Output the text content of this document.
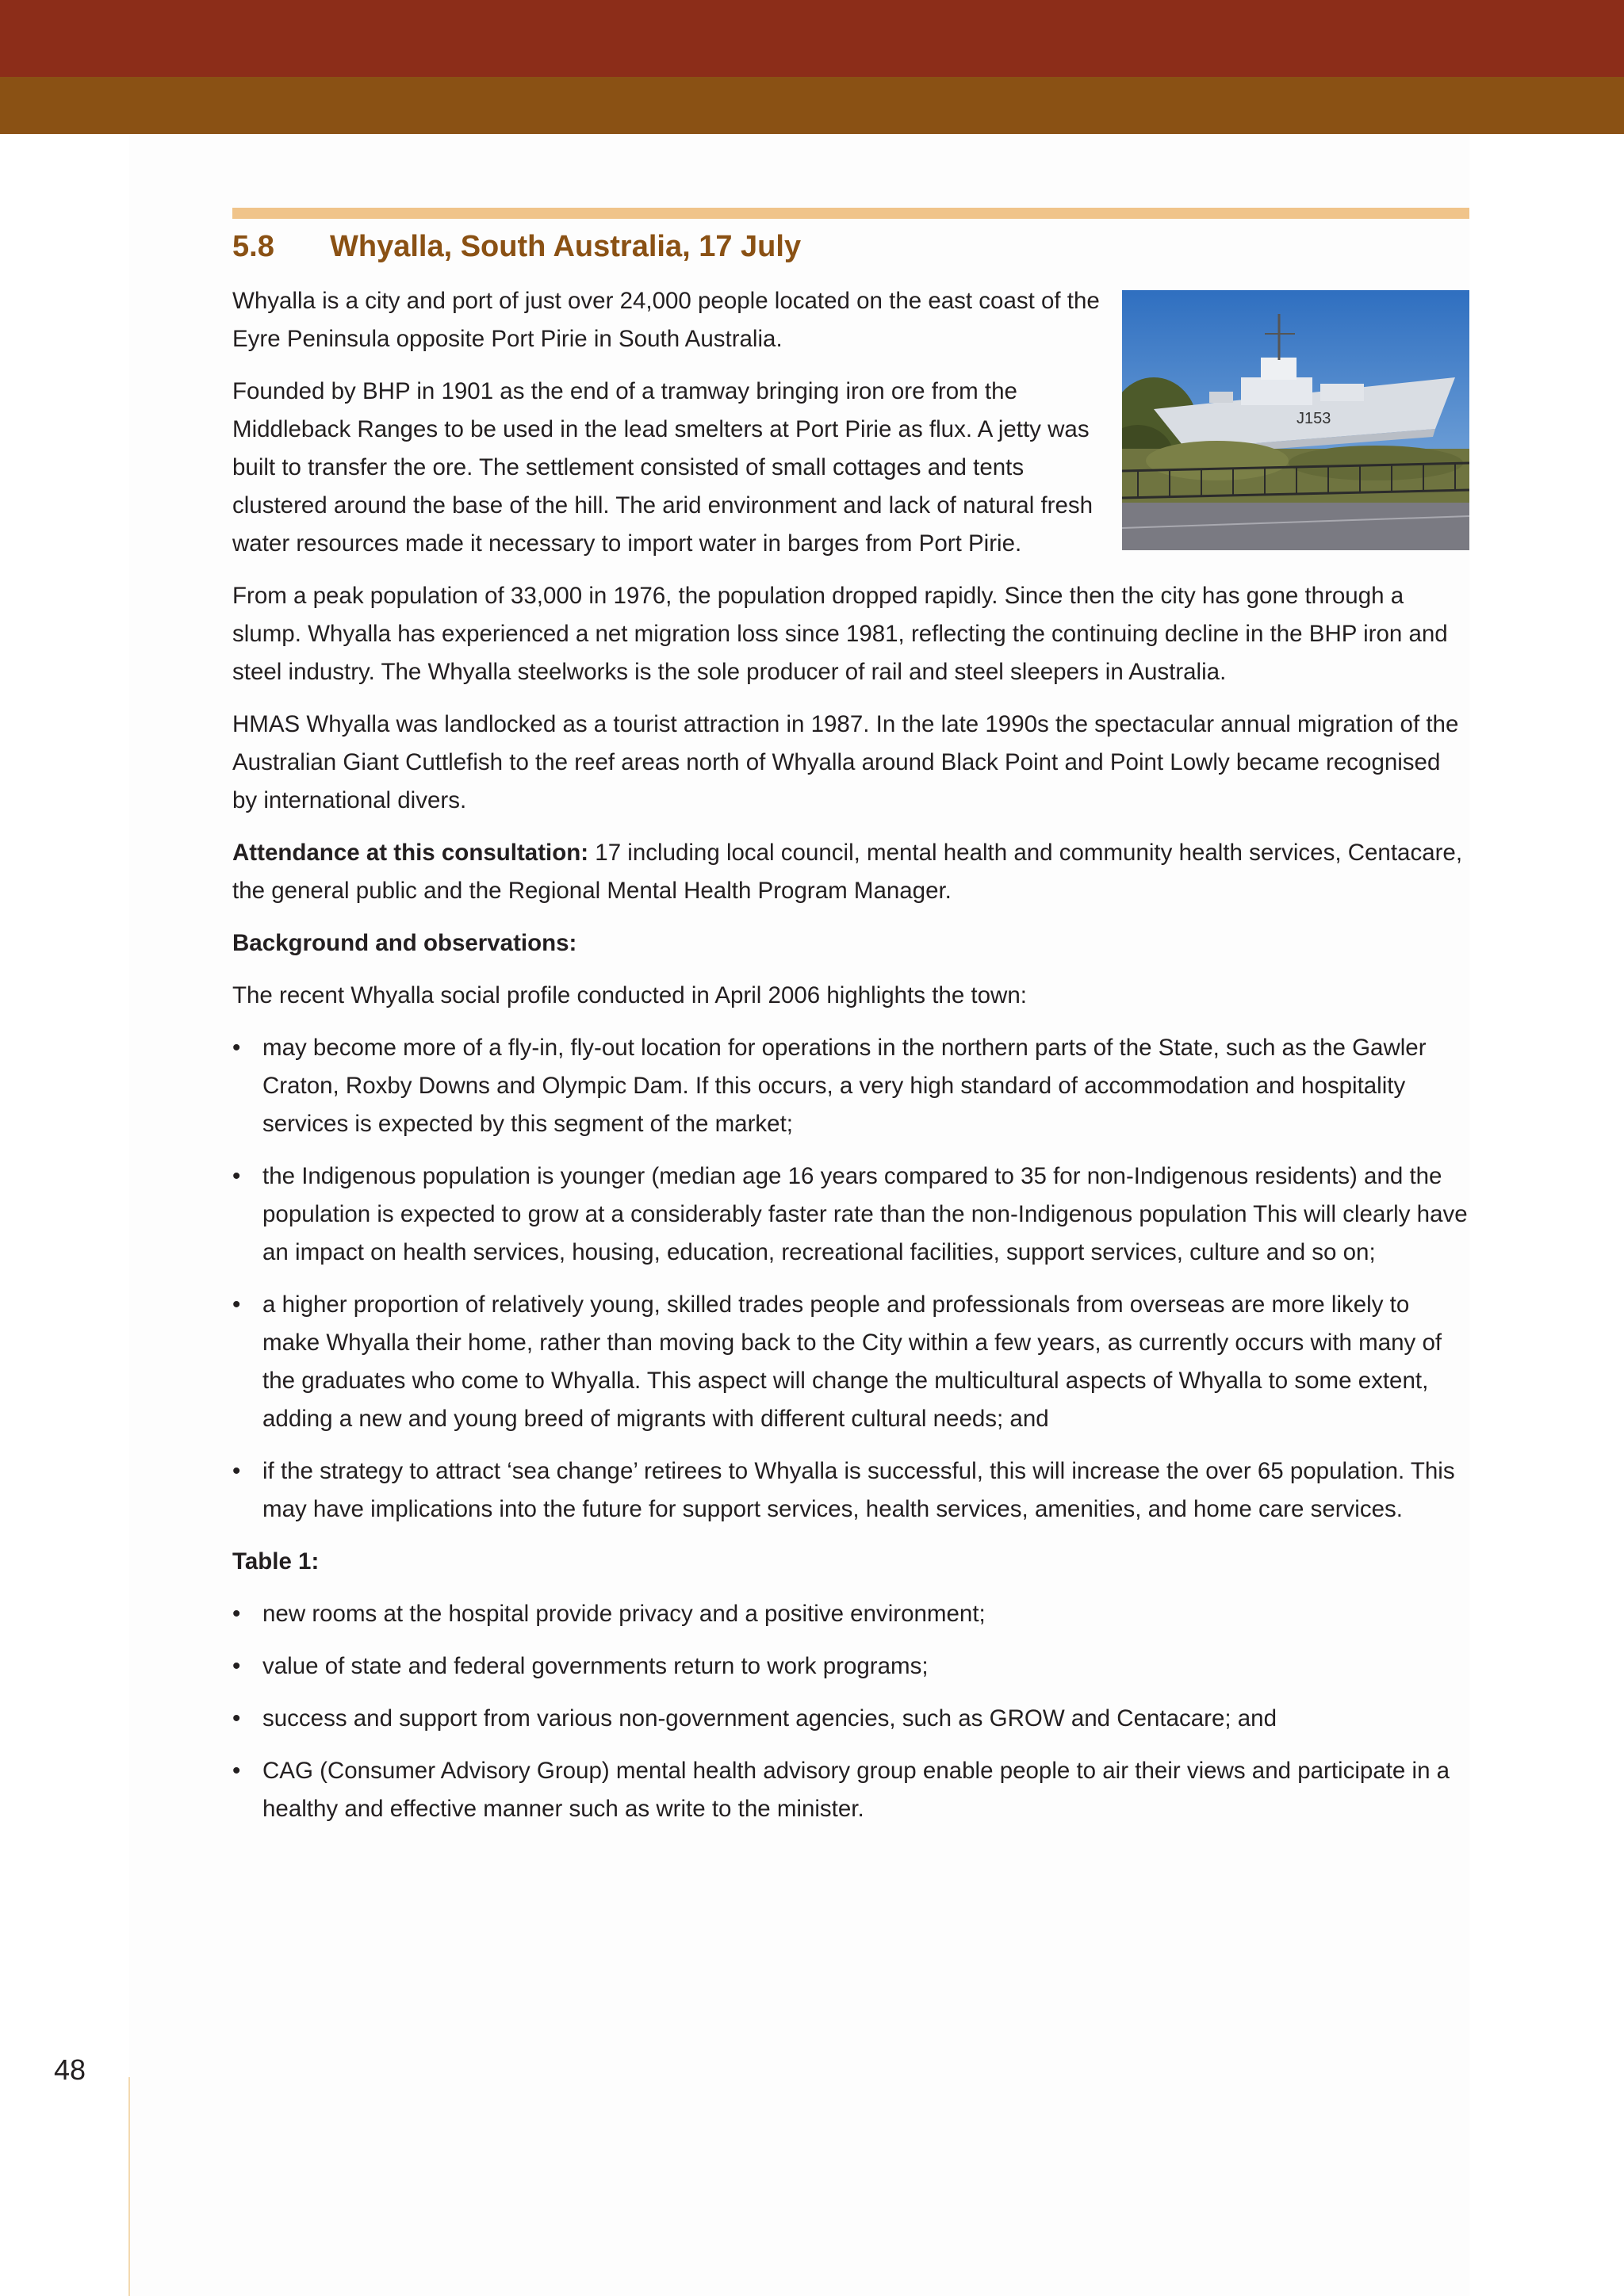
48
5.8	Whyalla, South Australia, 17 July
J153

Whyalla is a city and port of just over 24,000 people located on the east coast of the Eyre Peninsula opposite Port Pirie in South Australia.

Founded by BHP in 1901 as the end of a tramway bringing iron ore from the Middleback Ranges to be used in the lead smelters at Port Pirie as flux. A jetty was built to transfer the ore. The settlement consisted of small cottages and tents clustered around the base of the hill. The arid environment and lack of natural fresh water resources made it necessary to import water in barges from Port Pirie.

From a peak population of 33,000 in 1976, the population dropped rapidly. Since then the city has gone through a slump. Whyalla has experienced a net migration loss since 1981, reflecting the continuing decline in the BHP iron and steel industry. The Whyalla steelworks is the sole producer of rail and steel sleepers in Australia.

HMAS Whyalla was landlocked as a tourist attraction in 1987. In the late 1990s the spectacular annual migration of the Australian Giant Cuttlefish to the reef areas north of Whyalla around Black Point and Point Lowly became recognised by international divers.

Attendance at this consultation: 17 including local council, mental health and community health services, Centacare, the general public and the Regional Mental Health Program Manager.

Background and observations:

The recent Whyalla social profile conducted in April 2006 highlights the town:

• may become more of a fly-in, fly-out location for operations in the northern parts of the State, such as the Gawler Craton, Roxby Downs and Olympic Dam. If this occurs, a very high standard of accommodation and hospitality services is expected by this segment of the market;
• the Indigenous population is younger (median age 16 years compared to 35 for non-Indigenous residents) and the population is expected to grow at a considerably faster rate than the non-Indigenous population This will clearly have an impact on health services, housing, education, recreational facilities, support services, culture and so on;
• a higher proportion of relatively young, skilled trades people and professionals from overseas are more likely to make Whyalla their home, rather than moving back to the City within a few years, as currently occurs with many of the graduates who come to Whyalla. This aspect will change the multicultural aspects of Whyalla to some extent, adding a new and young breed of migrants with different cultural needs; and
• if the strategy to attract ‘sea change’ retirees to Whyalla is successful, this will increase the over 65 population. This may have implications into the future for support services, health services, amenities, and home care services.

Table 1:

• new rooms at the hospital provide privacy and a positive environment;
• value of state and federal governments return to work programs;
• success and support from various non-government agencies, such as GROW and Centacare; and
• CAG (Consumer Advisory Group) mental health advisory group enable people to air their views and participate in a healthy and effective manner such as write to the minister.
